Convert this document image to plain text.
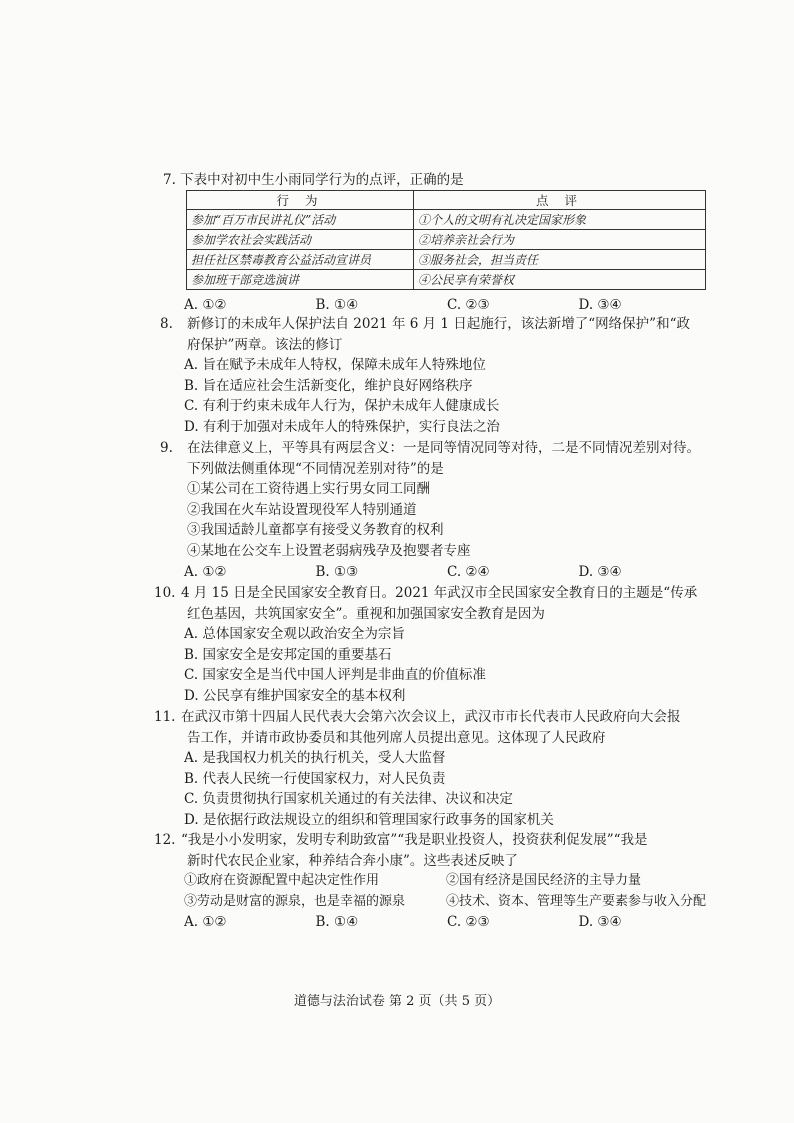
7. 下表中对初中生小雨同学行为的点评，正确的是
行 为	点 评
参加“百万市民讲礼仪”活动	①个人的文明有礼决定国家形象
参加学农社会实践活动	②培养亲社会行为
担任社区禁毒教育公益活动宣讲员	③服务社会，担当责任
参加班干部竞选演讲	④公民享有荣誉权
A. ①②	B. ①④	C. ②③	D. ③④
8. 新修订的未成年人保护法自 2021 年 6 月 1 日起施行，该法新增了“网络保护”和“政
府保护”两章。该法的修订
A. 旨在赋予未成年人特权，保障未成年人特殊地位
B. 旨在适应社会生活新变化，维护良好网络秩序
C. 有利于约束未成年人行为，保护未成年人健康成长
D. 有利于加强对未成年人的特殊保护，实行良法之治
9. 在法律意义上，平等具有两层含义：一是同等情况同等对待，二是不同情况差别对待。
下列做法侧重体现“不同情况差别对待”的是
①某公司在工资待遇上实行男女同工同酬
②我国在火车站设置现役军人特别通道
③我国适龄儿童都享有接受义务教育的权利
④某地在公交车上设置老弱病残孕及抱婴者专座
A. ①②	B. ①③	C. ②④	D. ③④
10. 4 月 15 日是全民国家安全教育日。2021 年武汉市全民国家安全教育日的主题是“传承
红色基因，共筑国家安全”。重视和加强国家安全教育是因为
A. 总体国家安全观以政治安全为宗旨
B. 国家安全是安邦定国的重要基石
C. 国家安全是当代中国人评判是非曲直的价值标准
D. 公民享有维护国家安全的基本权利
11. 在武汉市第十四届人民代表大会第六次会议上，武汉市市长代表市人民政府向大会报
告工作，并请市政协委员和其他列席人员提出意见。这体现了人民政府
A. 是我国权力机关的执行机关，受人大监督
B. 代表人民统一行使国家权力，对人民负责
C. 负责贯彻执行国家机关通过的有关法律、决议和决定
D. 是依据行政法规设立的组织和管理国家行政事务的国家机关
12. “我是小小发明家，发明专利助致富”“我是职业投资人，投资获利促发展”“我是
新时代农民企业家，种养结合奔小康”。这些表述反映了
①政府在资源配置中起决定性作用	②国有经济是国民经济的主导力量
③劳动是财富的源泉，也是幸福的源泉	④技术、资本、管理等生产要素参与收入分配
A. ①②	B. ①④	C. ②③	D. ③④
道德与法治试卷 第 2 页（共 5 页）
